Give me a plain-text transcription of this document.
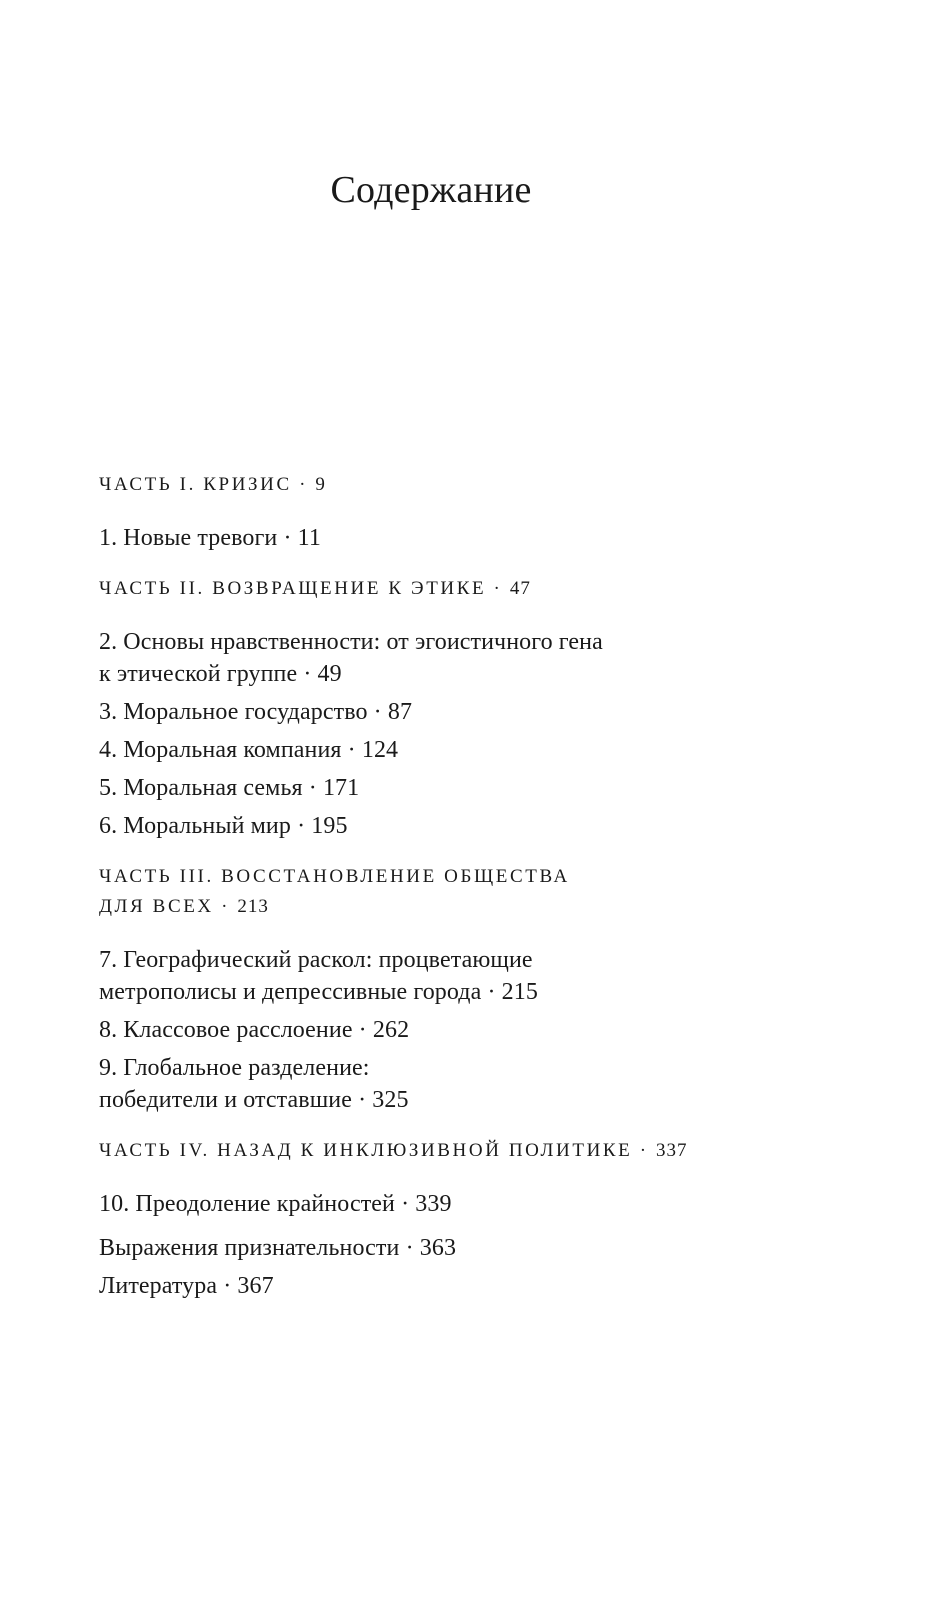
Содержание

ЧАСТЬ I. КРИЗИС · 9

1. Новые тревоги · 11

ЧАСТЬ II. ВОЗВРАЩЕНИЕ К ЭТИКЕ · 47

2. Основы нравственности: от эгоистичного гена
к этической группе · 49

3. Моральное государство · 87

4. Моральная компания · 124

5. Моральная семья · 171

6. Моральный мир · 195

ЧАСТЬ III. ВОССТАНОВЛЕНИЕ ОБЩЕСТВА
ДЛЯ ВСЕХ · 213

7. Географический раскол: процветающие
метрополисы и депрессивные города · 215

8. Классовое расслоение · 262

9. Глобальное разделение:
победители и отставшие · 325

ЧАСТЬ IV. НАЗАД К ИНКЛЮЗИВНОЙ ПОЛИТИКЕ · 337

10. Преодоление крайностей · 339

Выражения признательности · 363

Литература · 367
